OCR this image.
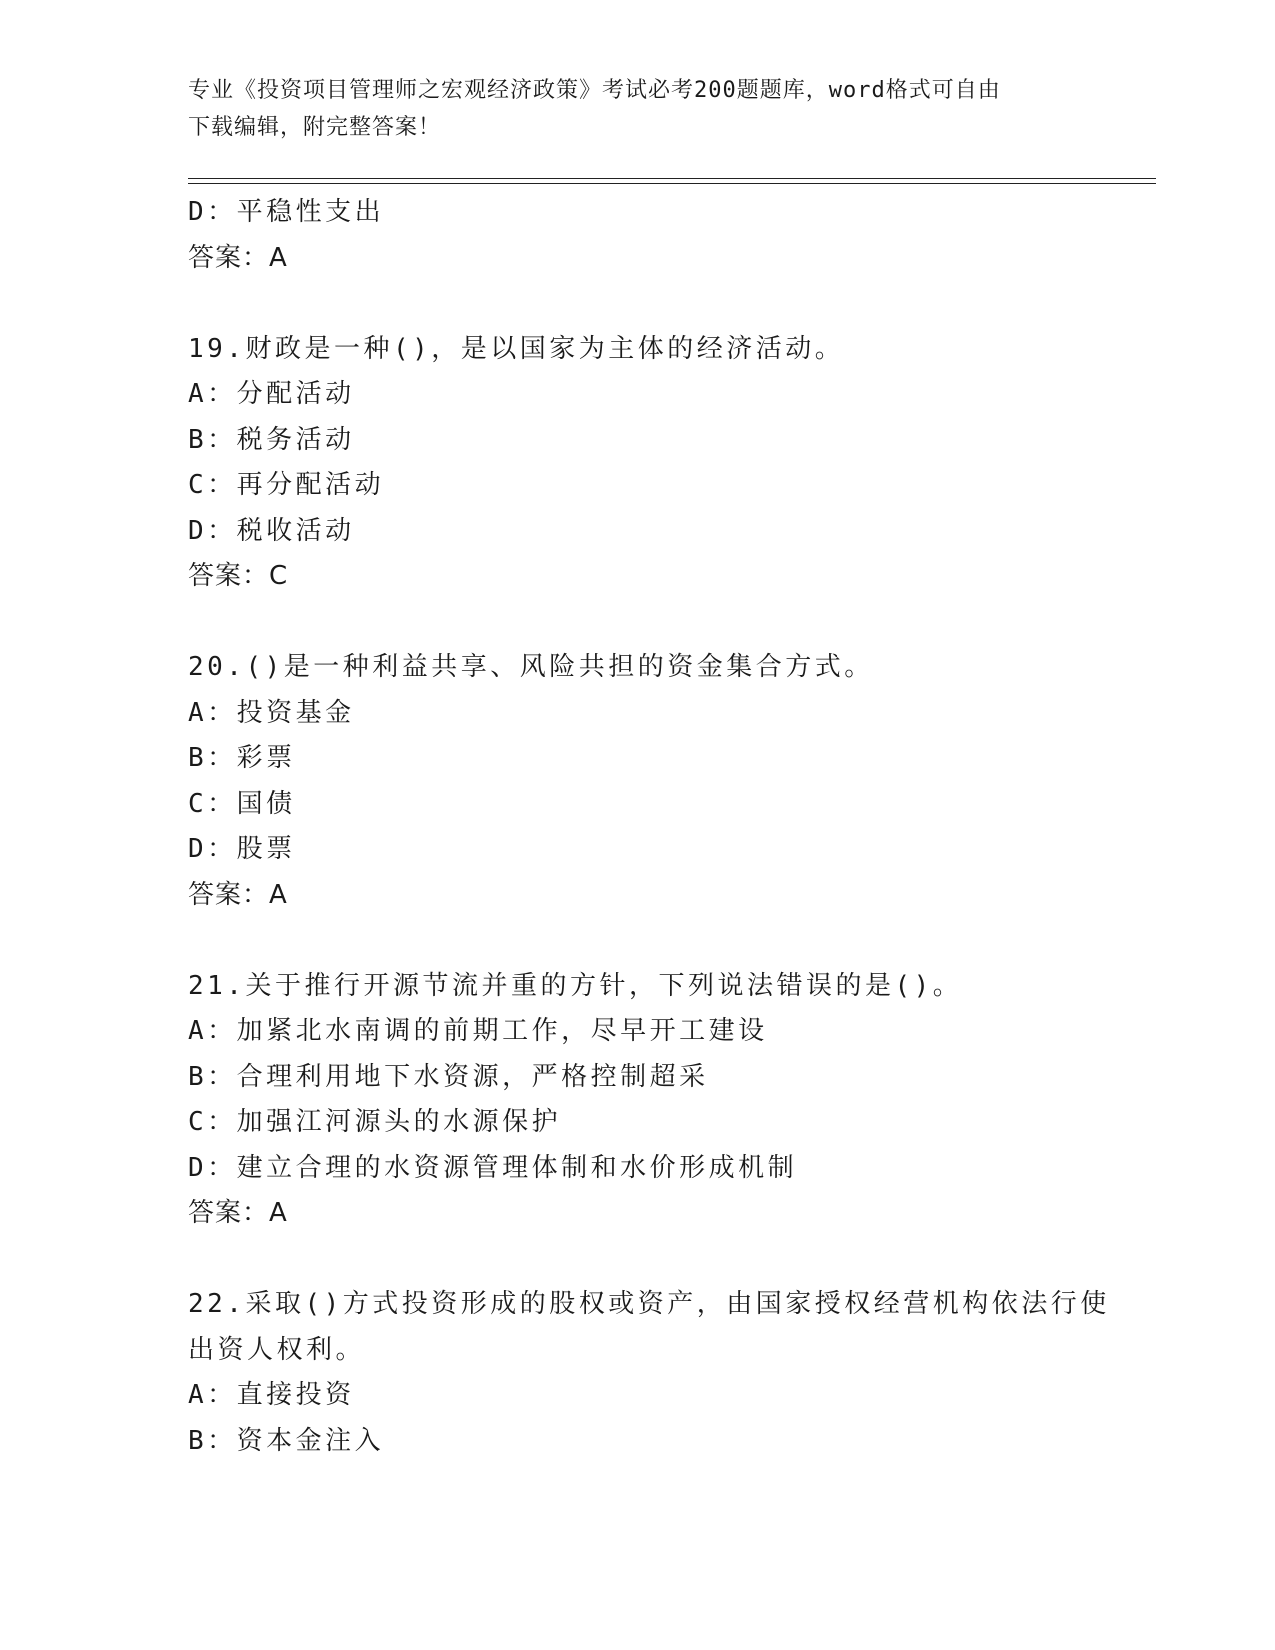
专业《投资项目管理师之宏观经济政策》考试必考200题题库，word格式可自由
下载编辑，附完整答案！
D：平稳性支出
答案：A
19.财政是一种()，是以国家为主体的经济活动。
A：分配活动
B：税务活动
C：再分配活动
D：税收活动
答案：C
20.()是一种利益共享、风险共担的资金集合方式。
A：投资基金
B：彩票
C：国债
D：股票
答案：A
21.关于推行开源节流并重的方针，下列说法错误的是()。
A：加紧北水南调的前期工作，尽早开工建设
B：合理利用地下水资源，严格控制超采
C：加强江河源头的水源保护
D：建立合理的水资源管理体制和水价形成机制
答案：A
22.采取()方式投资形成的股权或资产，由国家授权经营机构依法行使
出资人权利。
A：直接投资
B：资本金注入
